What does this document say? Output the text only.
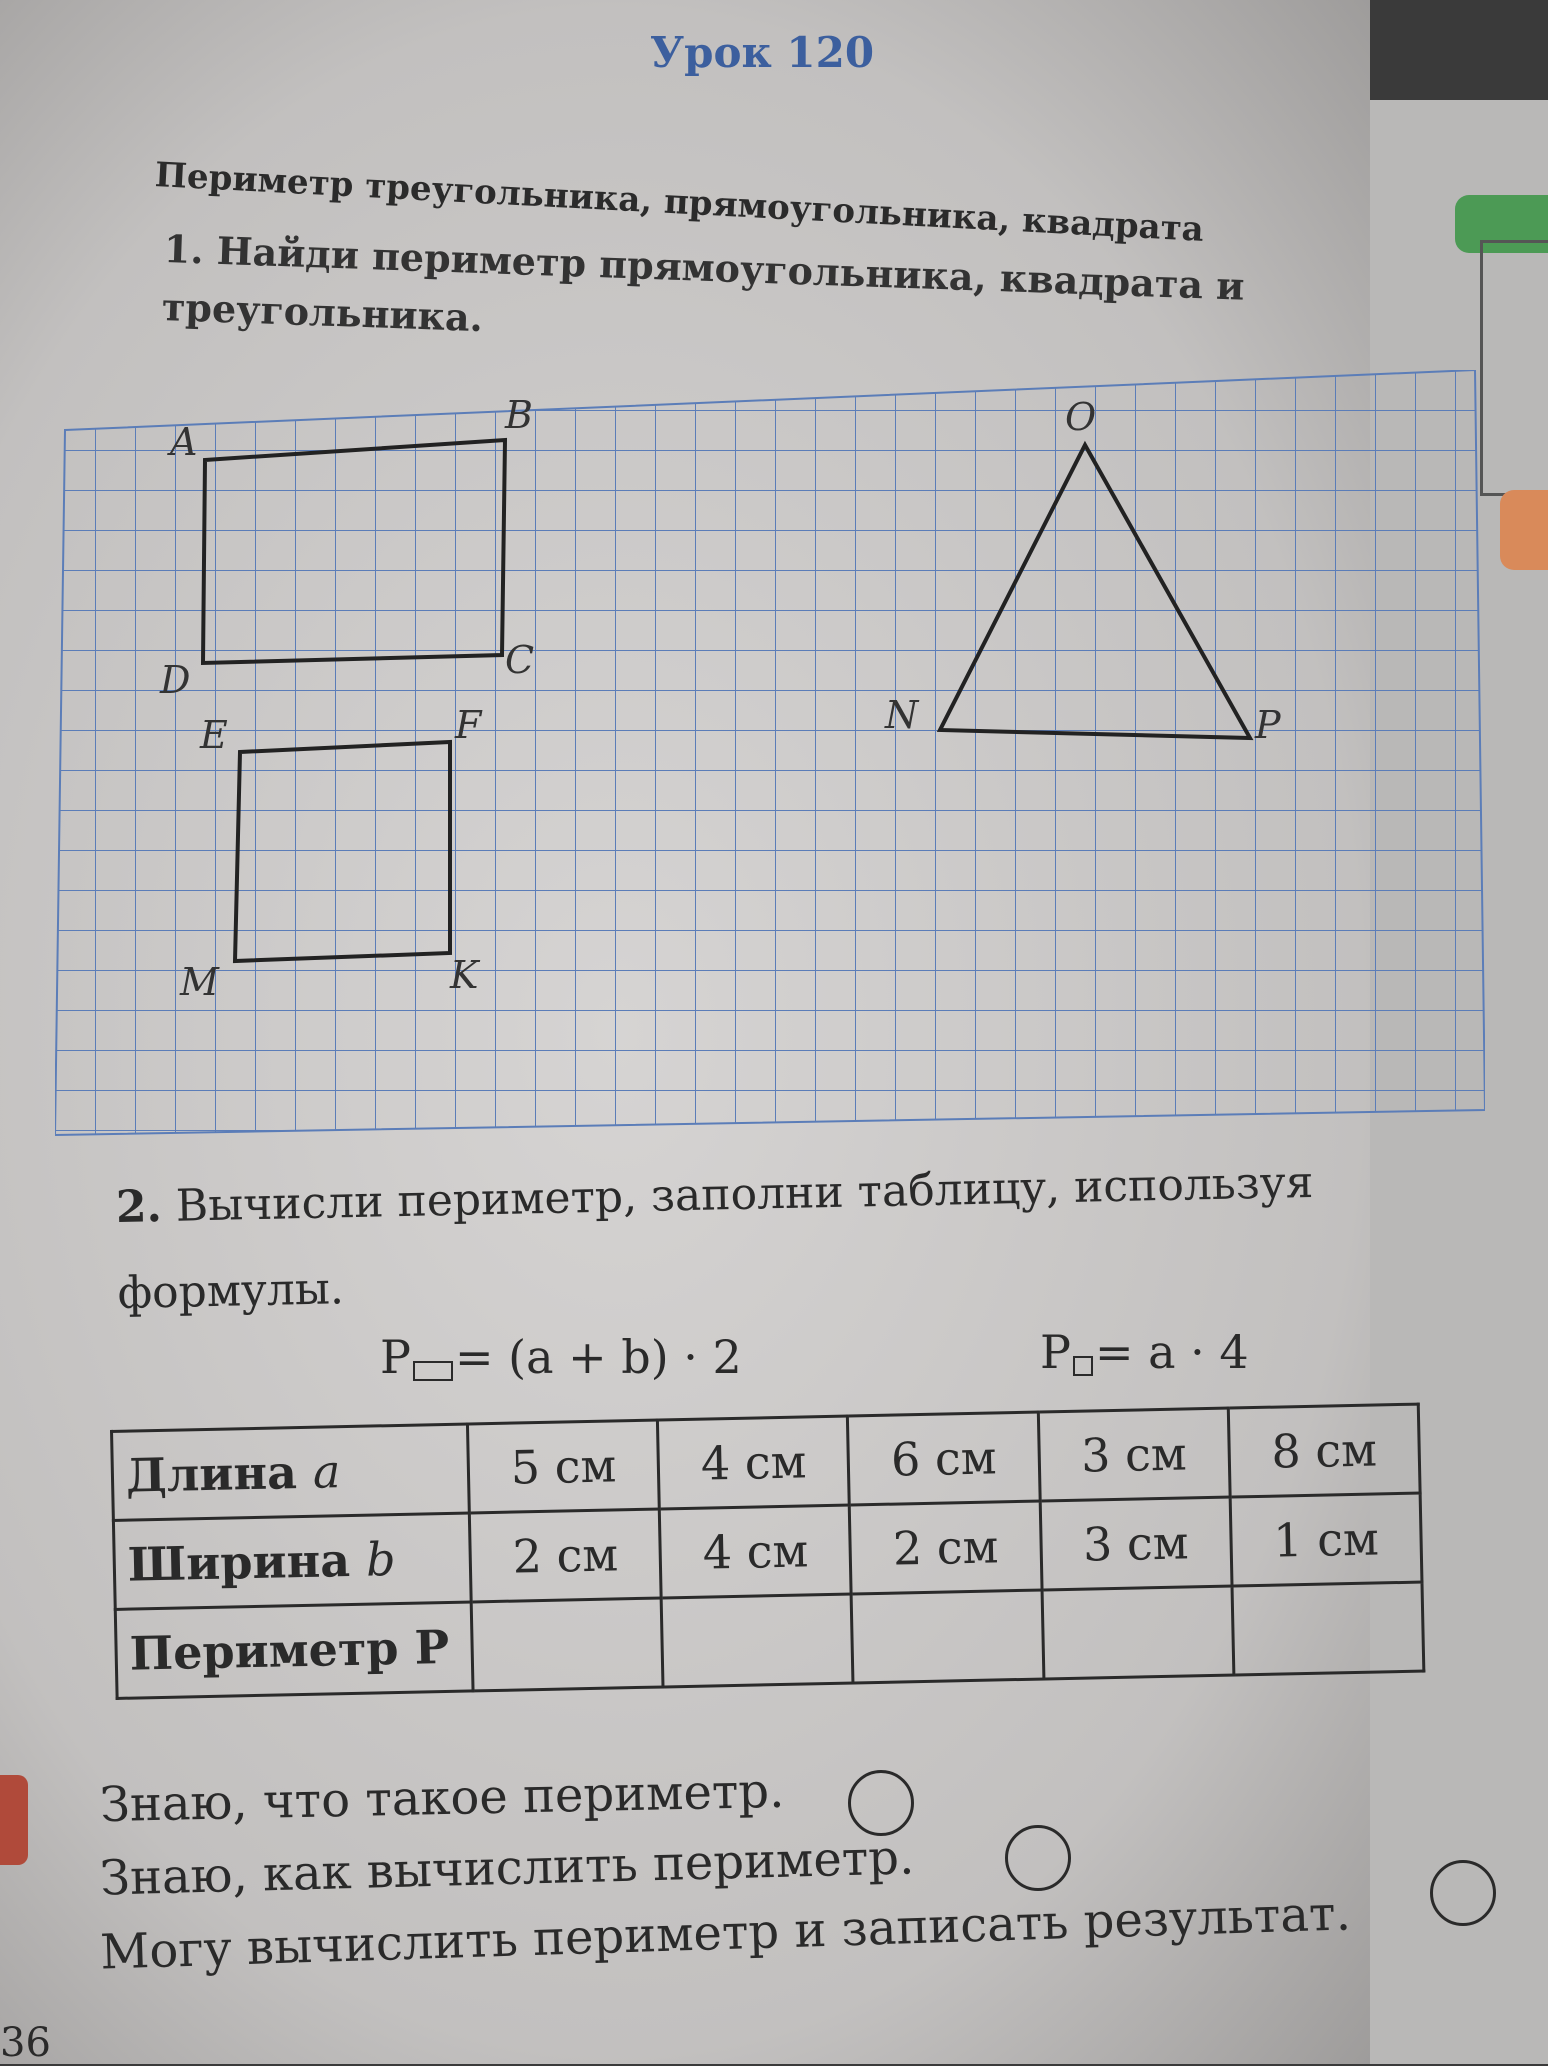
Урок 120
Периметр треугольника, прямоугольника, квадрата
1. Найди периметр прямоугольника, квадрата и треугольника.
A
B
C
D
E	F
K
M
O
N	P
2. Вычисли периметр, заполни таблицу, используя формулы.
P = (a + b) · 2	P = a · 4
Длина a	5 см	4 см	6 см	3 см	8 см
Ширина b	2 см	4 см	2 см	3 см	1 см
Периметр Р					
Знаю, что такое периметр.
Знаю, как вычислить периметр.
Могу вычислить периметр и записать результат.
36
